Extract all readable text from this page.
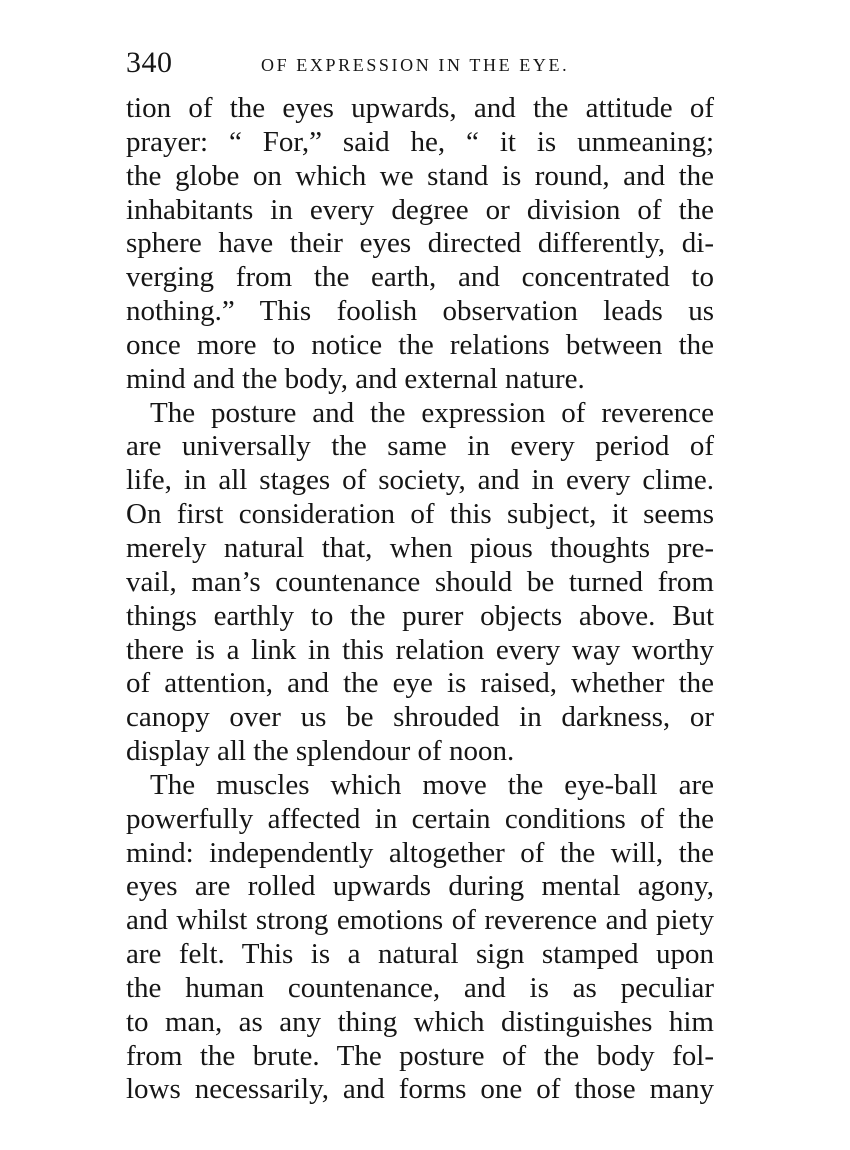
340	OF EXPRESSION IN THE EYE.
tion of the eyes upwards, and the attitude of
prayer: “ For,” said he, “ it is unmeaning;
the globe on which we stand is round, and the
inhabitants in every degree or division of the
sphere have their eyes directed differently, di-
verging from the earth, and concentrated to
nothing.” This foolish observation leads us
once more to notice the relations between the
mind and the body, and external nature.
The posture and the expression of reverence
are universally the same in every period of
life, in all stages of society, and in every clime.
On first consideration of this subject, it seems
merely natural that, when pious thoughts pre-
vail, man’s countenance should be turned from
things earthly to the purer objects above. But
there is a link in this relation every way worthy
of attention, and the eye is raised, whether the
canopy over us be shrouded in darkness, or
display all the splendour of noon.
The muscles which move the eye-ball are
powerfully affected in certain conditions of the
mind: independently altogether of the will, the
eyes are rolled upwards during mental agony,
and whilst strong emotions of reverence and piety
are felt. This is a natural sign stamped upon
the human countenance, and is as peculiar
to man, as any thing which distinguishes him
from the brute. The posture of the body fol-
lows necessarily, and forms one of those many
